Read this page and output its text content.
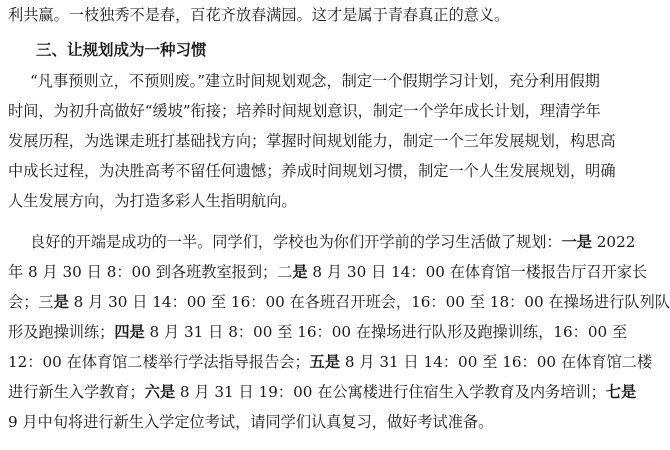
利共赢。一枝独秀不是春，百花齐放春满园。这才是属于青春真正的意义。
三、让规划成为一种习惯
“凡事预则立，不预则废。”建立时间规划观念，制定一个假期学习计划，充分利用假期
时间，为初升高做好“缓坡”衔接；培养时间规划意识，制定一个学年成长计划，理清学年
发展历程，为选课走班打基础找方向；掌握时间规划能力，制定一个三年发展规划，构思高
中成长过程，为决胜高考不留任何遗憾；养成时间规划习惯，制定一个人生发展规划，明确
人生发展方向，为打造多彩人生指明航向。
良好的开端是成功的一半。同学们，学校也为你们开学前的学习生活做了规划：一是 2022
年 8 月 30 日 8：00 到各班教室报到；二是 8 月 30 日 14：00 在体育馆一楼报告厅召开家长
会；三是 8 月 30 日 14：00 至 16：00 在各班召开班会，16：00 至 18：00 在操场进行队列队
形及跑操训练；四是 8 月 31 日 8：00 至 16：00 在操场进行队形及跑操训练，16：00 至
12：00 在体育馆二楼举行学法指导报告会；五是 8 月 31 日 14：00 至 16：00 在体育馆二楼
进行新生入学教育；六是 8 月 31 日 19：00 在公寓楼进行住宿生入学教育及内务培训；七是
9 月中旬将进行新生入学定位考试，请同学们认真复习，做好考试准备。
